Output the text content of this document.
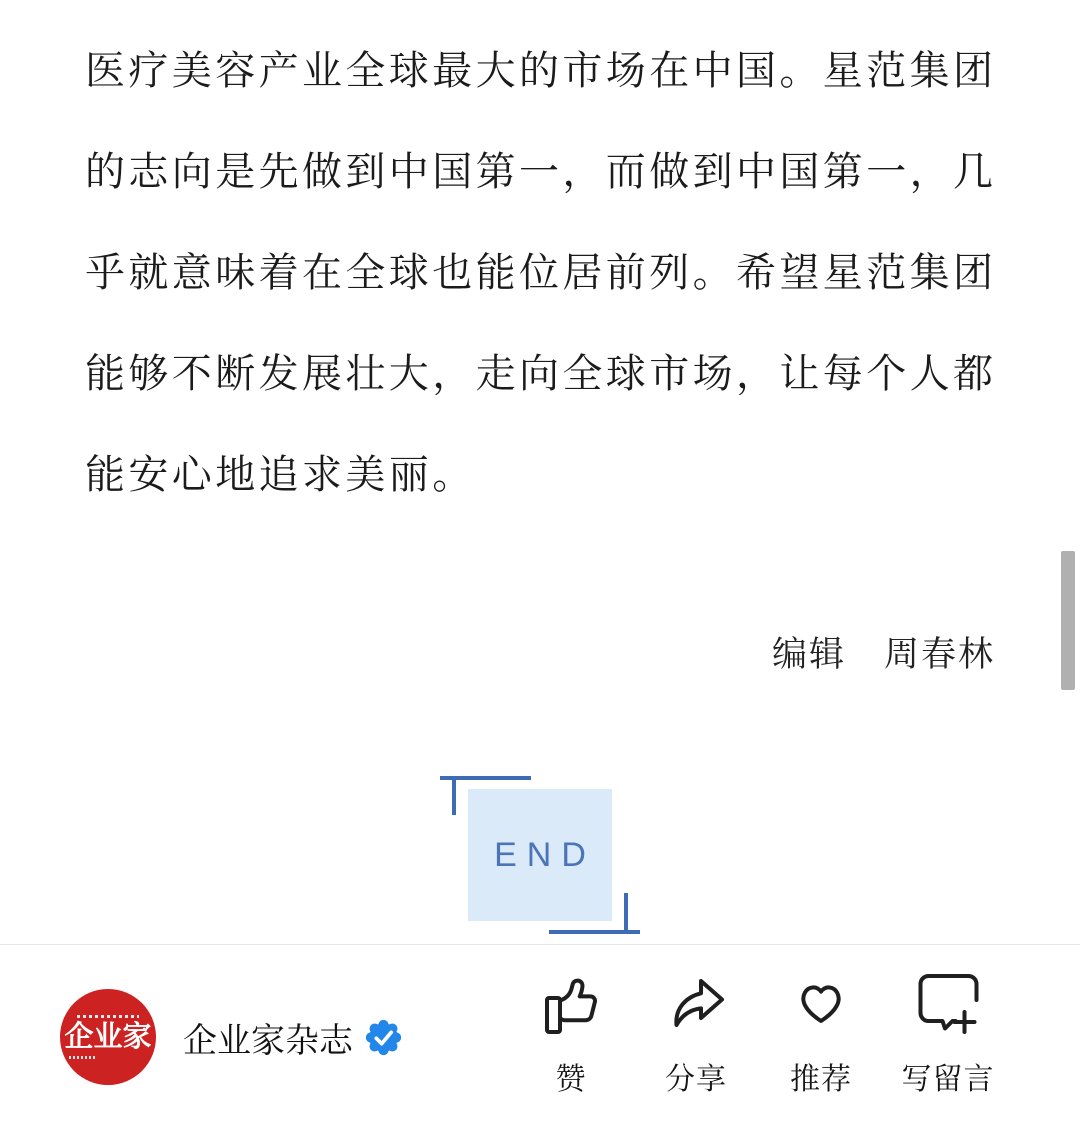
医疗美容产业全球最大的市场在中国。星范集团
的志向是先做到中国第一，而做到中国第一，几
乎就意味着在全球也能位居前列。希望星范集团
能够不断发展壮大，走向全球市场，让每个人都
能安心地追求美丽。
编辑 周春林
END
企业家 企业家杂志
赞	分享 推荐 写留言
